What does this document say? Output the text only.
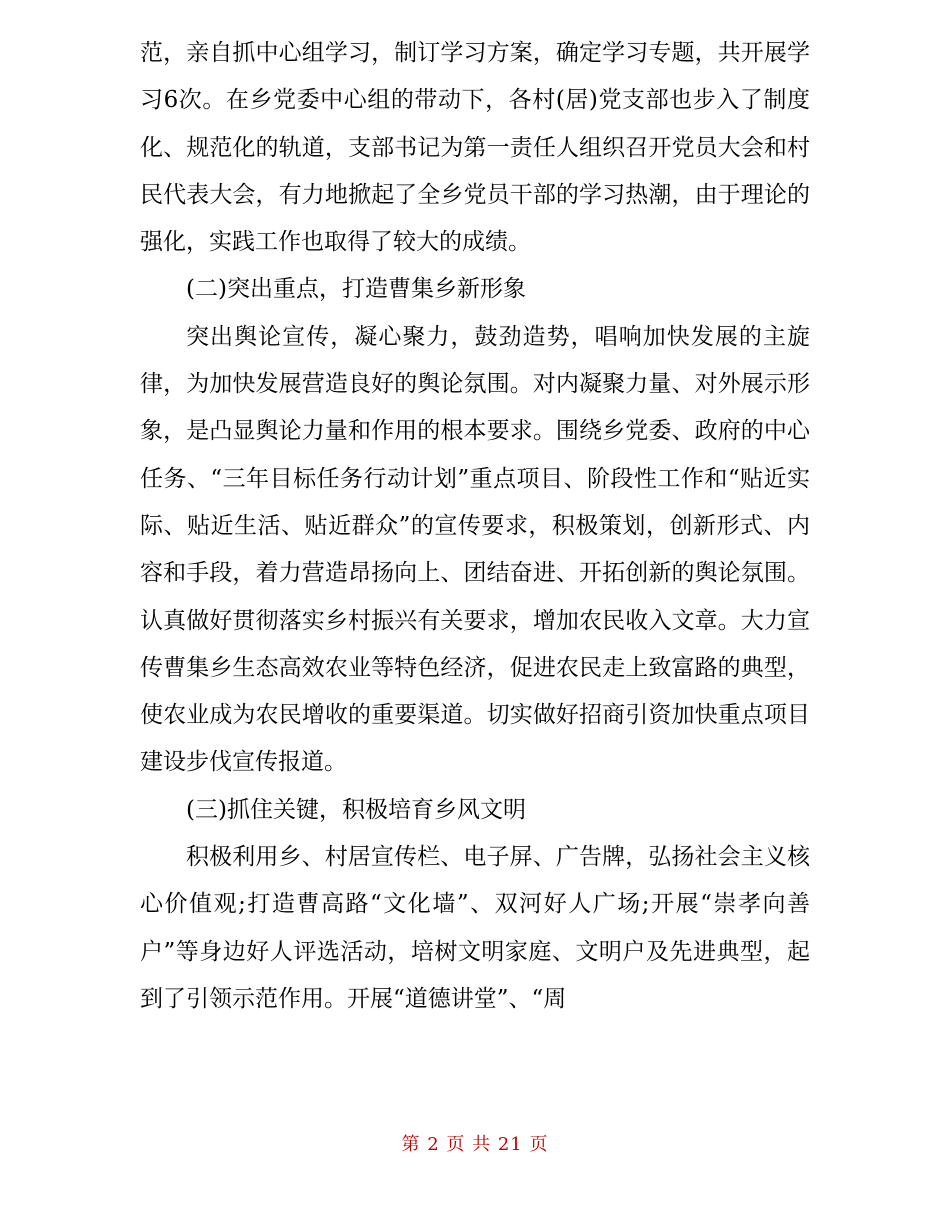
范，亲自抓中心组学习，制订学习方案，确定学习专题，共开展学习6次。在乡党委中心组的带动下，各村(居)党支部也步入了制度化、规范化的轨道，支部书记为第一责任人组织召开党员大会和村民代表大会，有力地掀起了全乡党员干部的学习热潮，由于理论的强化，实践工作也取得了较大的成绩。

(二)突出重点，打造曹集乡新形象

突出舆论宣传，凝心聚力，鼓劲造势，唱响加快发展的主旋律，为加快发展营造良好的舆论氛围。对内凝聚力量、对外展示形象，是凸显舆论力量和作用的根本要求。围绕乡党委、政府的中心任务、“三年目标任务行动计划”重点项目、阶段性工作和“贴近实际、贴近生活、贴近群众”的宣传要求，积极策划，创新形式、内容和手段，着力营造昂扬向上、团结奋进、开拓创新的舆论氛围。认真做好贯彻落实乡村振兴有关要求，增加农民收入文章。大力宣传曹集乡生态高效农业等特色经济，促进农民走上致富路的典型，使农业成为农民增收的重要渠道。切实做好招商引资加快重点项目建设步伐宣传报道。

(三)抓住关键，积极培育乡风文明

积极利用乡、村居宣传栏、电子屏、广告牌，弘扬社会主义核心价值观;打造曹高路“文化墙”、双河好人广场;开展“崇孝向善户”等身边好人评选活动，培树文明家庭、文明户及先进典型，起到了引领示范作用。开展“道德讲堂”、“周

第 2 页 共 21 页
